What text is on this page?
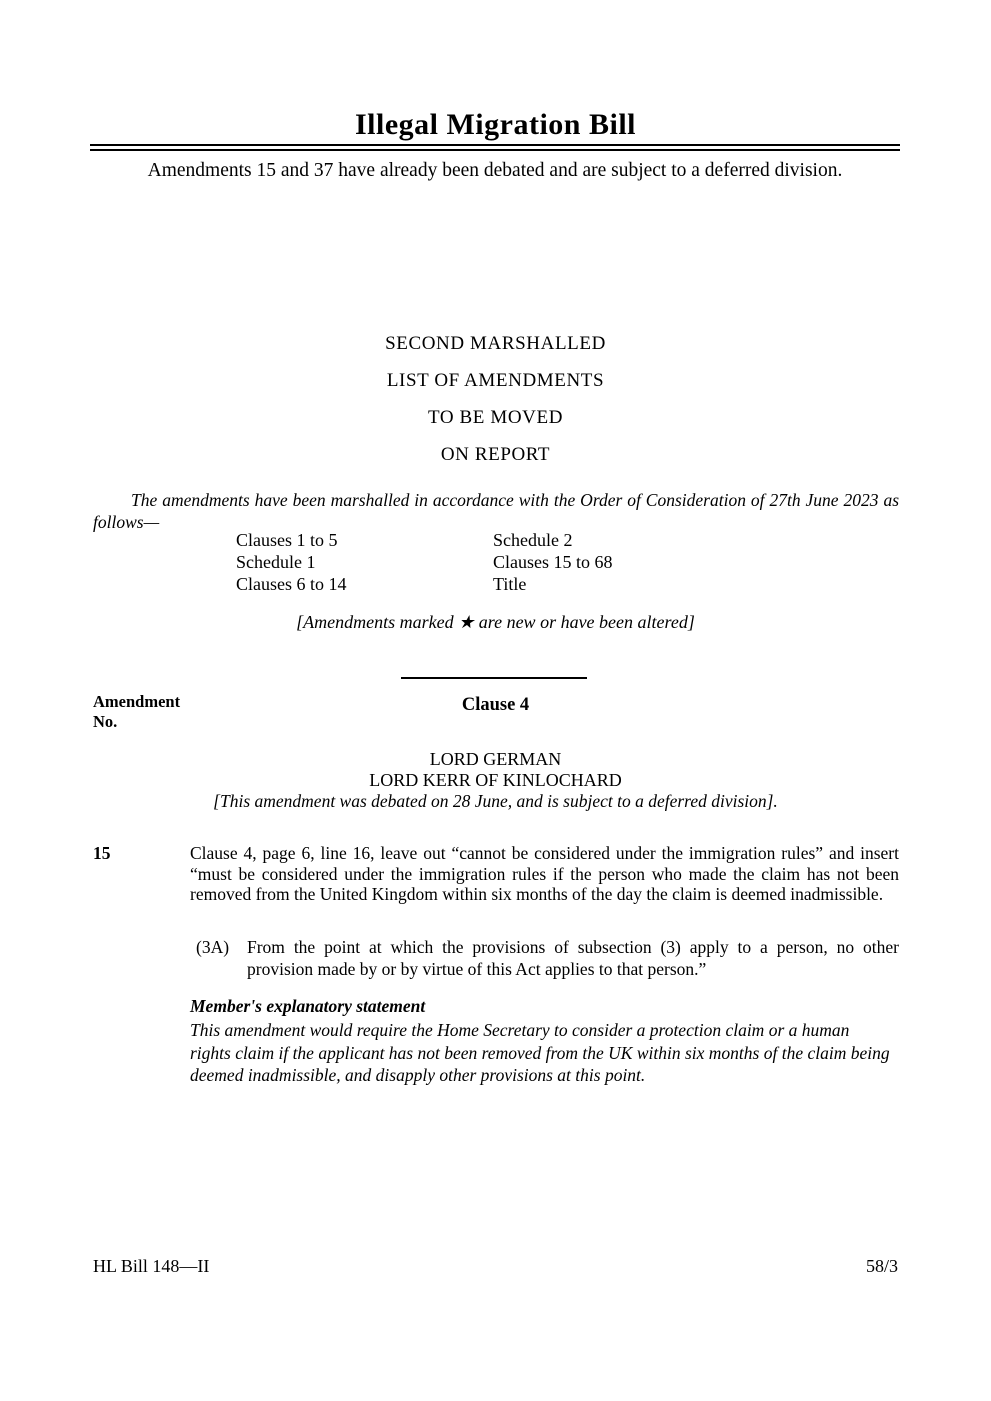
Illegal Migration Bill

Amendments 15 and 37 have already been debated and are subject to a deferred division.

SECOND MARSHALLED
LIST OF AMENDMENTS
TO BE MOVED
ON REPORT

The amendments have been marshalled in accordance with the Order of Consideration of 27th June 2023 as follows—

Clauses 1 to 5
Schedule 1
Clauses 6 to 14
Schedule 2
Clauses 15 to 68
Title

[Amendments marked ★ are new or have been altered]

Amendment
No.
Clause 4
LORD GERMAN
LORD KERR OF KINLOCHARD
[This amendment was debated on 28 June, and is subject to a deferred division].
15	Clause 4, page 6, line 16, leave out “cannot be considered under the immigration rules” and insert “must be considered under the immigration rules if the person who made the claim has not been removed from the United Kingdom within six months of the day the claim is deemed inadmissible.

(3A) From the point at which the provisions of subsection (3) apply to a person, no other provision made by or by virtue of this Act applies to that person.”
Member's explanatory statement

This amendment would require the Home Secretary to consider a protection claim or a human rights claim if the applicant has not been removed from the UK within six months of the claim being deemed inadmissible, and disapply other provisions at this point.

HL Bill 148—II	58/3
